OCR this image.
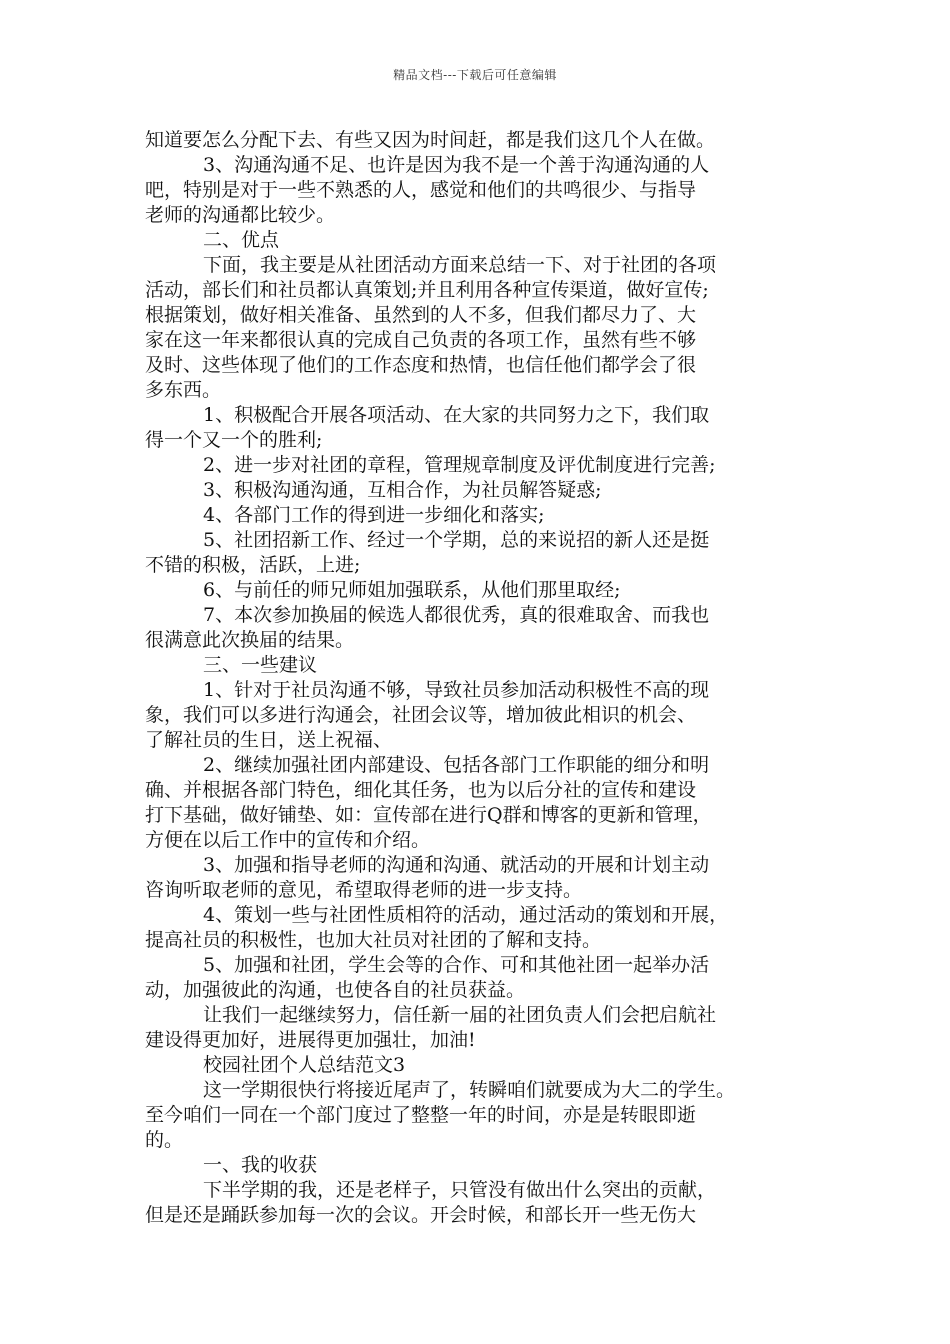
精品文档---下载后可任意编辑
知道要怎么分配下去、有些又因为时间赶，都是我们这几个人在做。
3、沟通沟通不足、也许是因为我不是一个善于沟通沟通的人
吧，特别是对于一些不熟悉的人，感觉和他们的共鸣很少、与指导
老师的沟通都比较少。
二、优点
下面，我主要是从社团活动方面来总结一下、对于社团的各项
活动，部长们和社员都认真策划;并且利用各种宣传渠道，做好宣传;
根据策划，做好相关准备、虽然到的人不多，但我们都尽力了、大
家在这一年来都很认真的完成自己负责的各项工作，虽然有些不够
及时、这些体现了他们的工作态度和热情，也信任他们都学会了很
多东西。
1、积极配合开展各项活动、在大家的共同努力之下，我们取
得一个又一个的胜利;
2、进一步对社团的章程，管理规章制度及评优制度进行完善;
3、积极沟通沟通，互相合作，为社员解答疑惑;
4、各部门工作的得到进一步细化和落实;
5、社团招新工作、经过一个学期，总的来说招的新人还是挺
不错的积极，活跃，上进;
6、与前任的师兄师姐加强联系，从他们那里取经;
7、本次参加换届的候选人都很优秀，真的很难取舍、而我也
很满意此次换届的结果。
三、一些建议
1、针对于社员沟通不够，导致社员参加活动积极性不高的现
象，我们可以多进行沟通会，社团会议等，增加彼此相识的机会、
了解社员的生日，送上祝福、
2、继续加强社团内部建设、包括各部门工作职能的细分和明
确、并根据各部门特色，细化其任务，也为以后分社的宣传和建设
打下基础，做好铺垫、如：宣传部在进行Q群和博客的更新和管理，
方便在以后工作中的宣传和介绍。
3、加强和指导老师的沟通和沟通、就活动的开展和计划主动
咨询听取老师的意见，希望取得老师的进一步支持。
4、策划一些与社团性质相符的活动，通过活动的策划和开展，
提高社员的积极性，也加大社员对社团的了解和支持。
5、加强和社团，学生会等的合作、可和其他社团一起举办活
动，加强彼此的沟通，也使各自的社员获益。
让我们一起继续努力，信任新一届的社团负责人们会把启航社
建设得更加好，进展得更加强壮，加油!
校园社团个人总结范文3
这一学期很快行将接近尾声了，转瞬咱们就要成为大二的学生。
至今咱们一同在一个部门度过了整整一年的时间，亦是是转眼即逝
的。
一、我的收获
下半学期的我，还是老样子，只管没有做出什么突出的贡献，
但是还是踊跃参加每一次的会议。开会时候，和部长开一些无伤大
